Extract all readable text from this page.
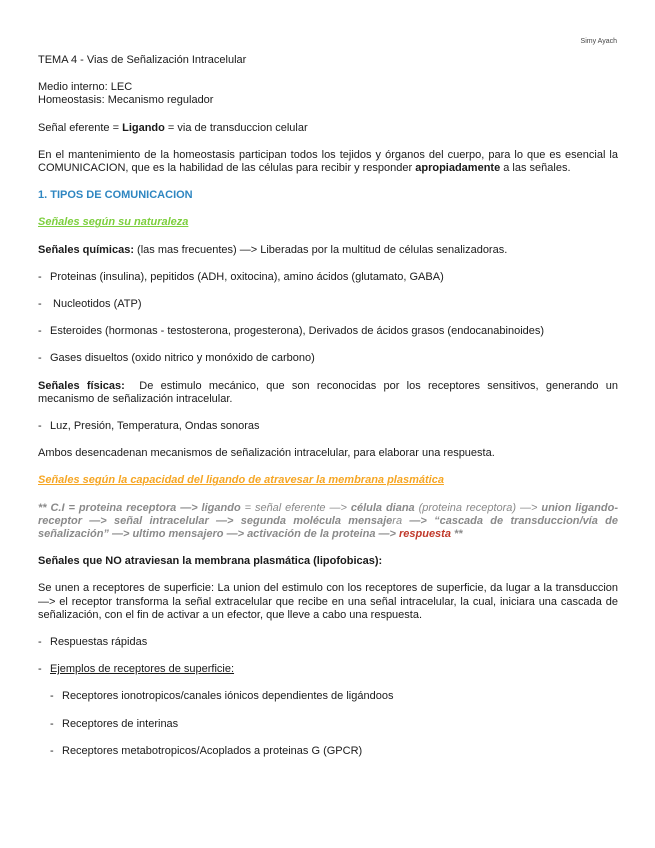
Simy Ayach

TEMA 4 - Vias de Señalización Intracelular

Medio interno: LEC

Homeostasis: Mecanismo regulador

Señal eferente = Ligando = via de transduccion celular

En el mantenimiento de la homeostasis participan todos los tejidos y órganos del cuerpo, para lo que es esencial la COMUNICACION, que es la habilidad de las células para recibir y responder apropiadamente a las señales.

1. TIPOS DE COMUNICACION

Señales según su naturaleza

Señales químicas: (las mas frecuentes) —> Liberadas por la multitud de células senalizadoras.

- Proteinas (insulina), pepitidos (ADH, oxitocina), amino ácidos (glutamato, GABA)
- Nucleotidos (ATP)
- Esteroides (hormonas - testosterona, progesterona), Derivados de ácidos grasos (endocanabinoides)
- Gases disueltos (oxido nitrico y monóxido de carbono)

Señales físicas:  De estimulo mecánico, que son reconocidas por los receptores sensitivos, generando un mecanismo de señalización intracelular.

- Luz, Presión, Temperatura, Ondas sonoras

Ambos desencadenan mecanismos de señalización intracelular, para elaborar una respuesta.

Señales según la capacidad del ligando de atravesar la membrana plasmática

** C.I = proteina receptora —> ligando = señal eferente —> célula diana (proteina receptora) —> union ligando-receptor —> señal intracelular —> segunda molécula mensajera —> “cascada de transduccion/vía de señalización” —> ultimo mensajero —> activación de la proteina —> respuesta **

Señales que NO atraviesan la membrana plasmática (lipofobicas):

Se unen a receptores de superficie: La union del estimulo con los receptores de superficie, da lugar a la transduccion —> el receptor transforma la señal extracelular que recibe en una señal intracelular, la cual, iniciara una cascada de señalización, con el fin de activar a un efector, que lleve a cabo una respuesta.

- Respuestas rápidas
- Ejemplos de receptores de superficie:
- Receptores ionotropicos/canales iónicos dependientes de ligándoos
- Receptores de interinas
- Receptores metabotropicos/Acoplados a proteinas G (GPCR)
